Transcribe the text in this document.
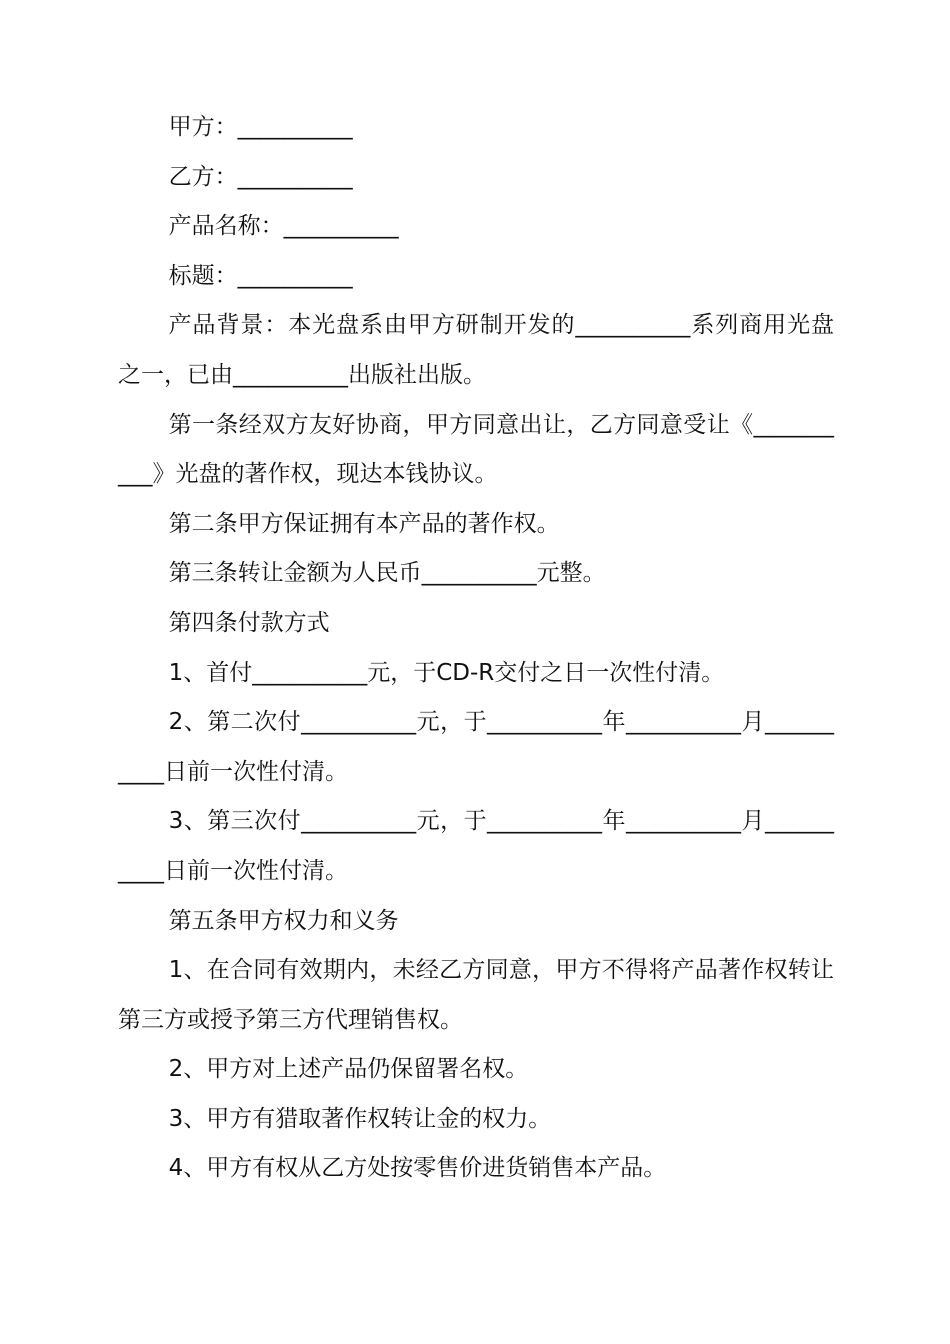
甲方：__________

乙方：__________

产品名称：__________

标题：__________

产品背景：本光盘系由甲方研制开发的__________系列商用光盘之一，已由__________出版社出版。

第一条经双方友好协商，甲方同意出让，乙方同意受让《__________》光盘的著作权，现达本钱协议。

第二条甲方保证拥有本产品的著作权。

第三条转让金额为人民币__________元整。

第四条付款方式

1、首付__________元，于CD-R交付之日一次性付清。

2、第二次付__________元，于__________年__________月__________日前一次性付清。

3、第三次付__________元，于__________年__________月__________日前一次性付清。

第五条甲方权力和义务

1、在合同有效期内，未经乙方同意，甲方不得将产品著作权转让第三方或授予第三方代理销售权。

2、甲方对上述产品仍保留署名权。

3、甲方有猎取著作权转让金的权力。

4、甲方有权从乙方处按零售价进货销售本产品。
